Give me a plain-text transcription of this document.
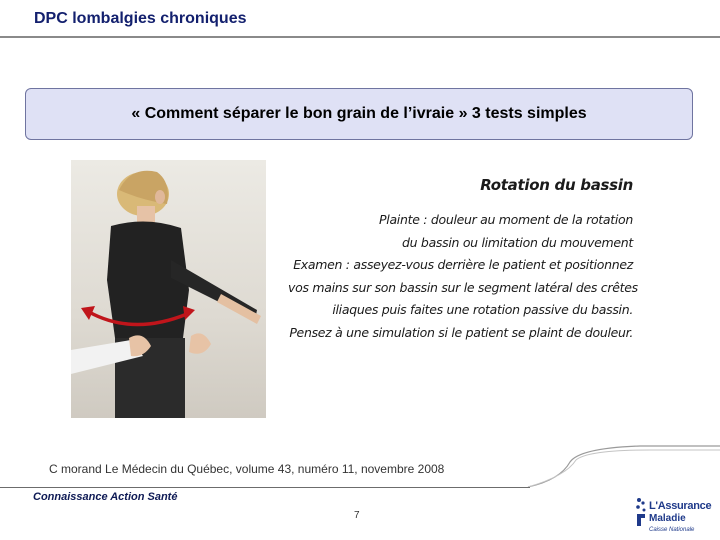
DPC lombalgies chroniques
« Comment séparer le bon grain de l’ivraie » 3 tests simples
Rotation du bassin
Plainte : douleur au moment de la rotation
du bassin ou limitation du mouvement
Examen : asseyez-vous derrière le patient et positionnez
vos mains sur son bassin sur le segment latéral des crêtes
iliaques puis faites une rotation passive du bassin.
Pensez à une simulation si le patient se plaint de douleur.
C morand Le Médecin du Québec, volume 43, numéro 11, novembre 2008
Connaissance Action Santé
7
L'Assurance
Maladie
Caisse Nationale
